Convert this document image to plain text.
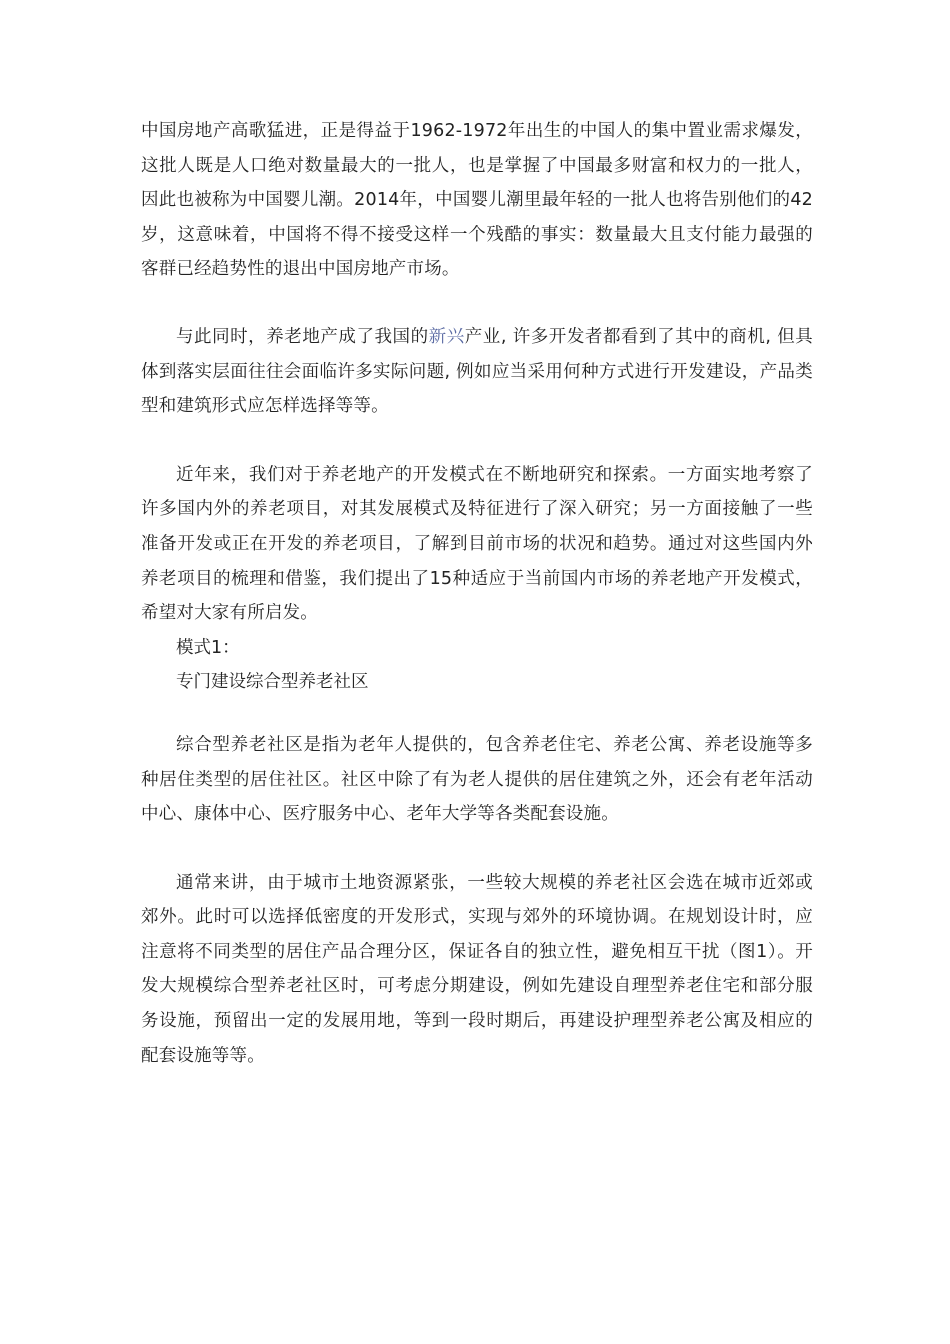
中国房地产高歌猛进，正是得益于1962-1972年出生的中国人的集中置业需求爆发，这批人既是人口绝对数量最大的一批人，也是掌握了中国最多财富和权力的一批人，因此也被称为中国婴儿潮。2014年，中国婴儿潮里最年轻的一批人也将告别他们的42岁，这意味着，中国将不得不接受这样一个残酷的事实：数量最大且支付能力最强的客群已经趋势性的退出中国房地产市场。

与此同时，养老地产成了我国的新兴产业, 许多开发者都看到了其中的商机, 但具体到落实层面往往会面临许多实际问题, 例如应当采用何种方式进行开发建设，产品类型和建筑形式应怎样选择等等。

近年来，我们对于养老地产的开发模式在不断地研究和探索。一方面实地考察了许多国内外的养老项目，对其发展模式及特征进行了深入研究；另一方面接触了一些准备开发或正在开发的养老项目，了解到目前市场的状况和趋势。通过对这些国内外养老项目的梳理和借鉴，我们提出了15种适应于当前国内市场的养老地产开发模式，希望对大家有所启发。

模式1：

专门建设综合型养老社区

综合型养老社区是指为老年人提供的，包含养老住宅、养老公寓、养老设施等多种居住类型的居住社区。社区中除了有为老人提供的居住建筑之外，还会有老年活动中心、康体中心、医疗服务中心、老年大学等各类配套设施。

通常来讲，由于城市土地资源紧张，一些较大规模的养老社区会选在城市近郊或郊外。此时可以选择低密度的开发形式，实现与郊外的环境协调。在规划设计时，应注意将不同类型的居住产品合理分区，保证各自的独立性，避免相互干扰（图1）。开发大规模综合型养老社区时，可考虑分期建设，例如先建设自理型养老住宅和部分服务设施，预留出一定的发展用地，等到一段时期后，再建设护理型养老公寓及相应的配套设施等等。
